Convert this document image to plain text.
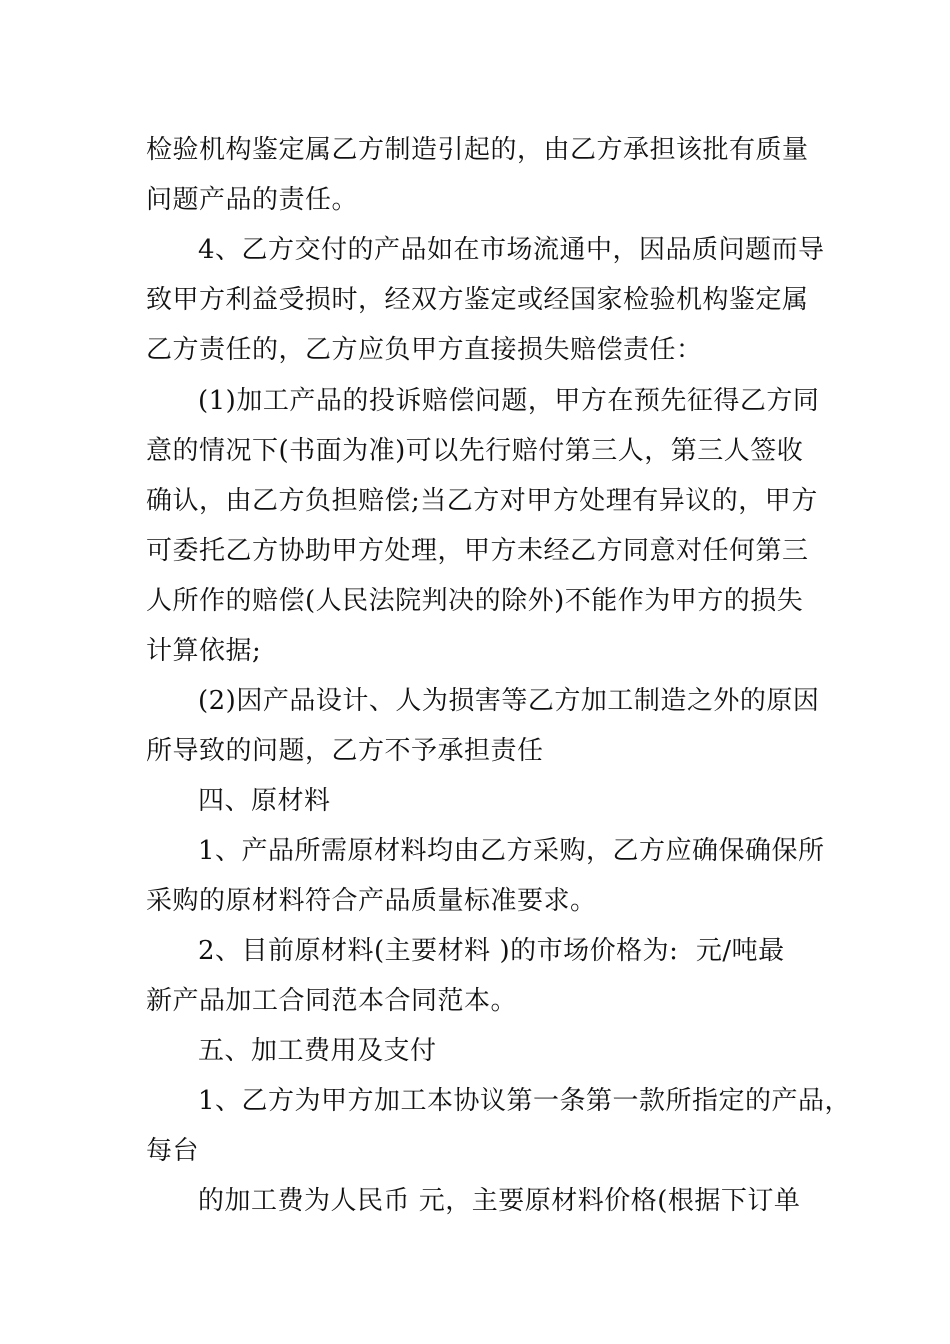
检验机构鉴定属乙方制造引起的，由乙方承担该批有质量
问题产品的责任。
4、乙方交付的产品如在市场流通中，因品质问题而导
致甲方利益受损时，经双方鉴定或经国家检验机构鉴定属
乙方责任的，乙方应负甲方直接损失赔偿责任：
(1)加工产品的投诉赔偿问题，甲方在预先征得乙方同
意的情况下(书面为准)可以先行赔付第三人，第三人签收
确认，由乙方负担赔偿;当乙方对甲方处理有异议的，甲方
可委托乙方协助甲方处理，甲方未经乙方同意对任何第三
人所作的赔偿(人民法院判决的除外)不能作为甲方的损失
计算依据;
(2)因产品设计、人为损害等乙方加工制造之外的原因
所导致的问题，乙方不予承担责任
四、原材料
1、产品所需原材料均由乙方采购，乙方应确保确保所
采购的原材料符合产品质量标准要求。
2、目前原材料(主要材料 )的市场价格为:  元/吨最
新产品加工合同范本合同范本。
五、加工费用及支付
1、乙方为甲方加工本协议第一条第一款所指定的产品，
每台
的加工费为人民币 元，主要原材料价格(根据下订单
